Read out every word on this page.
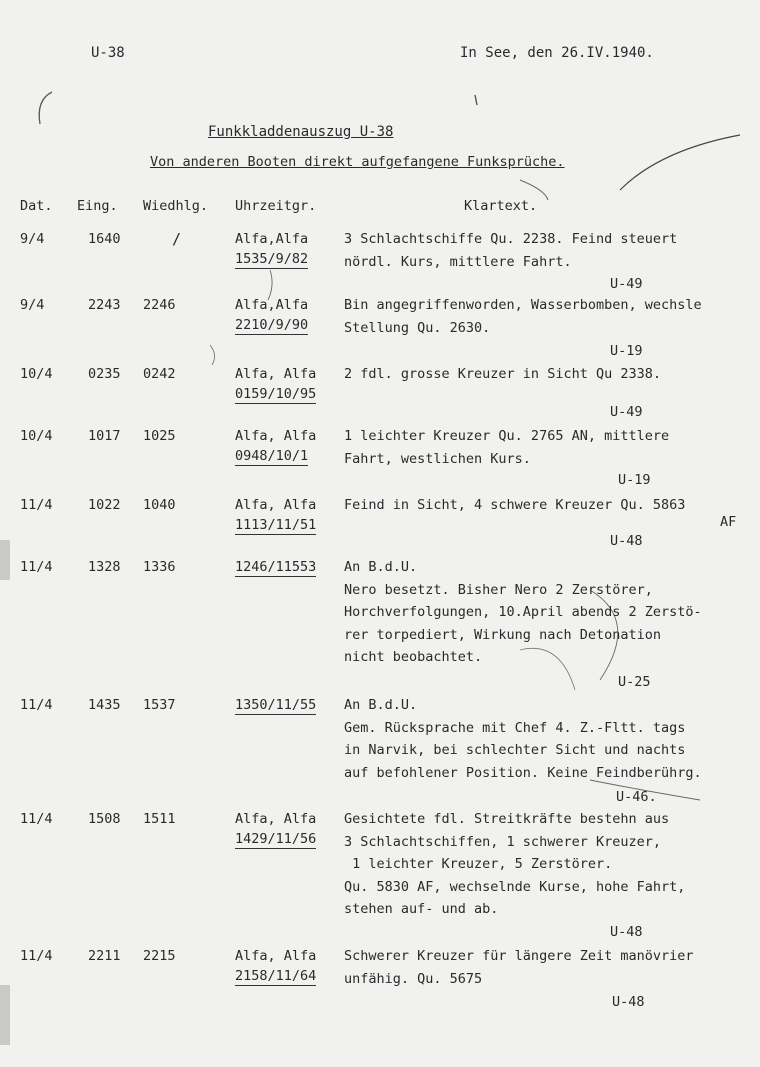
U-38	In See, den 26.IV.1940.
Funkkladdenauszug U-38
Von anderen Booten direkt aufgefangene Funksprüche.
Dat. Eing. Wiedhlg. Uhrzeitgr.	Klartext.
9/4	1640	/	Alfa,Alfa
1535/9/82
3 Schlachtschiffe Qu. 2238. Feind steuert
nördl. Kurs, mittlere Fahrt.
U-49
9/4	2243 2246	Alfa,Alfa
2210/9/90
Bin angegriffenworden, Wasserbomben, wechsle
Stellung Qu. 2630.
U-19
10/4	0235 0242	Alfa, Alfa
0159/10/95
2 fdl. grosse Kreuzer in Sicht Qu 2338.
U-49
10/4	1017 1025	Alfa, Alfa
0948/10/1
1 leichter Kreuzer Qu. 2765 AN, mittlere
Fahrt, westlichen Kurs.
U-19
11/4	1022 1040	Alfa, Alfa
1113/11/51
Feind in Sicht, 4 schwere Kreuzer Qu. 5863
AF
U-48
11/4	1328 1336	1246/11553 An B.d.U.
Nero besetzt. Bisher Nero 2 Zerstörer,
Horchverfolgungen, 10.April abends 2 Zerstö-
rer torpediert, Wirkung nach Detonation
nicht beobachtet.
U-25
11/4	1435 1537	1350/11/55 An B.d.U.
Gem. Rücksprache mit Chef 4. Z.-Fltt. tags
in Narvik, bei schlechter Sicht und nachts
auf befohlener Position. Keine Feindberührg.
U-46.
11/4	1508 1511	Alfa, Alfa
1429/11/56
Gesichtete fdl. Streitkräfte bestehn aus
3 Schlachtschiffen, 1 schwerer Kreuzer,
1 leichter Kreuzer, 5 Zerstörer.
Qu. 5830 AF, wechselnde Kurse, hohe Fahrt,
stehen auf- und ab.
U-48
11/4	2211 2215	Alfa, Alfa
2158/11/64
Schwerer Kreuzer für längere Zeit manövrier
unfähig. Qu. 5675
U-48
